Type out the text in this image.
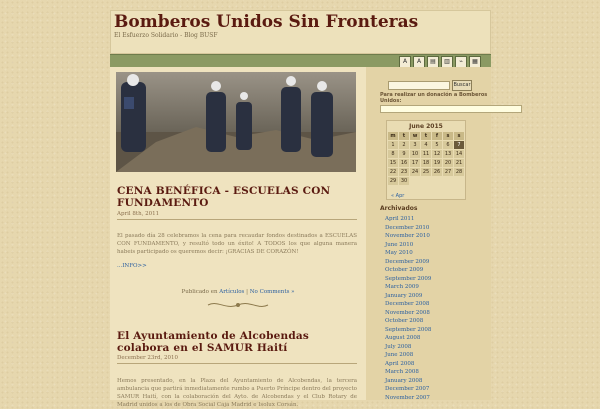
Bomberos Unidos Sin Fronteras
El Esfuerzo Solidario - Blog BUSF
A	A	▤	▥	⌁	▦
CENA BENÉFICA - ESCUELAS CON FUNDAMENTO
April 8th, 2011
El pasado día 28 celebramos la cena para recaudar fondos destinados a ESCUELAS CON FUNDAMENTO, y resultó todo un éxito! A TODOS los que alguna manera habeis participado os queremos decir: ¡GRACIAS DE CORAZÓN!
...INFO>>
Publicado en Artículos | No Comments »
El Ayuntamiento de Alcobendas colabora en el SAMUR Haití
December 23rd, 2010
Hemos presentado, en la Plaza del Ayuntamiento de Alcobendas, la tercera ambulancia que partirá inmediatamente rumbo a Puerto Príncipe dentro del proyecto SAMUR Haití, con la colaboración del Ayto. de Alcobendas y el Club Rotary de Madrid unidos a los de Obra Social Caja Madrid e Isolux Corsán.
Buscar
Para realizar un donación a Bomberos Unidos:
June 2015
m	t	w	t	f	s	s
1	2	3	4	5	6	7
8	9	10 11 12 13 14
15 16 17 18 19 20 21
22 23 24 25 26 27 28
29 30
« Apr
Archivados
April 2011
December 2010
November 2010
June 2010
May 2010
December 2009
October 2009
September 2009
March 2009
January 2009
December 2008
November 2008
October 2008
September 2008
August 2008
July 2008
June 2008
April 2008
March 2008
January 2008
December 2007
November 2007
